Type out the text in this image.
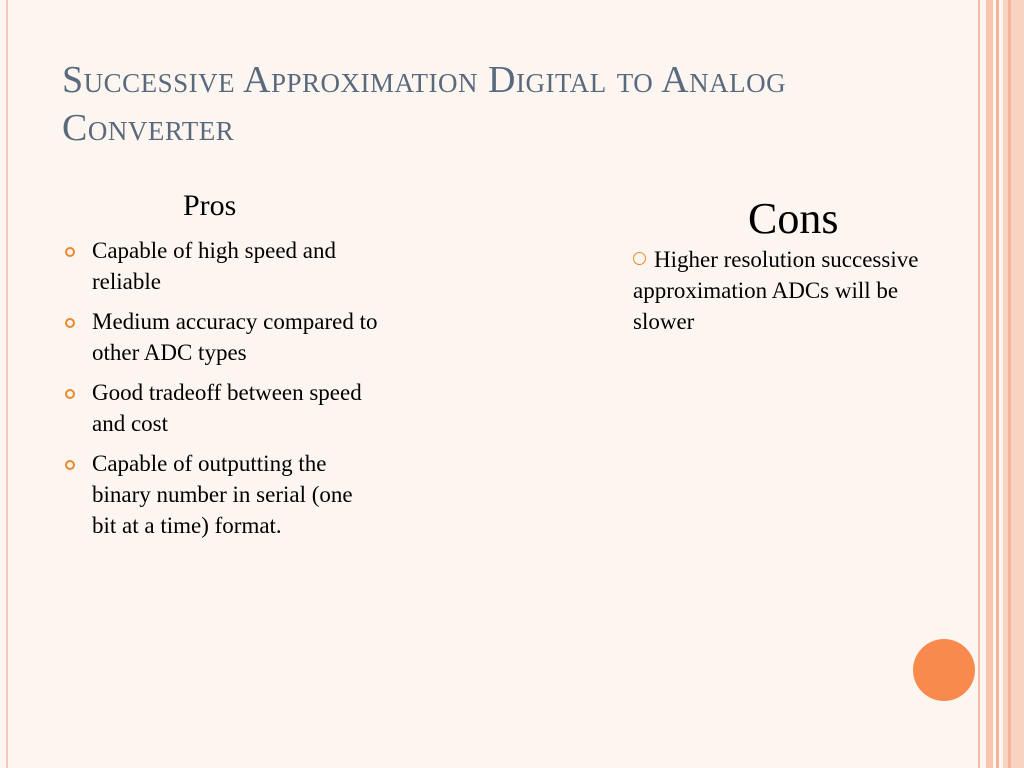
Successive Approximation Digital to Analog Converter
Pros
Capable of high speed and reliable
Medium accuracy compared to other ADC types
Good tradeoff between speed and cost
Capable of outputting the binary number in serial (one bit at a time) format.
Cons
Higher resolution successive approximation ADCs will be slower
